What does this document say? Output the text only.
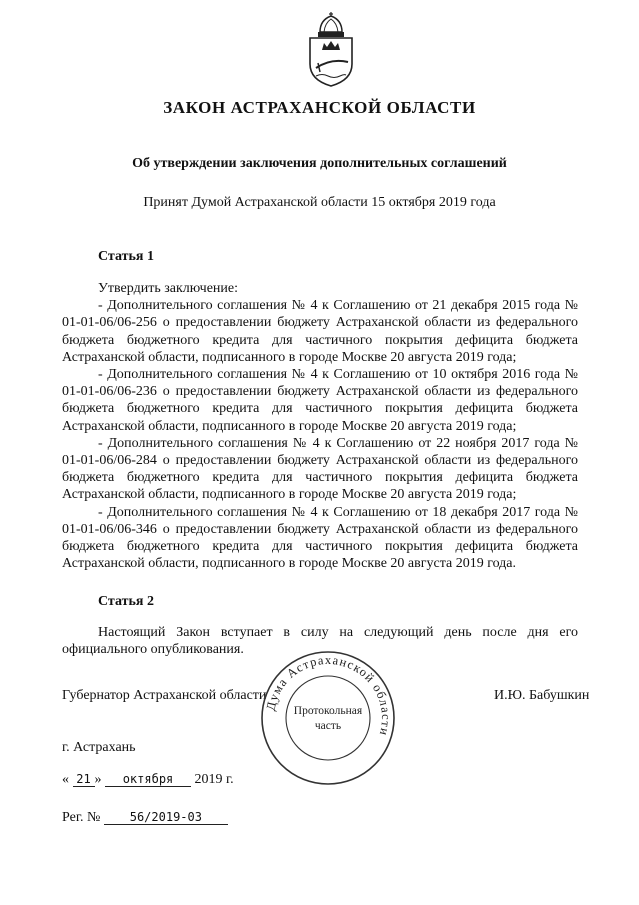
ЗАКОН АСТРАХАНСКОЙ ОБЛАСТИ
Об утверждении заключения дополнительных соглашений
Принят Думой Астраханской области 15 октября 2019 года
Статья 1
Утвердить заключение:
- Дополнительного соглашения № 4 к Соглашению от 21 декабря 2015 года № 01-01-06/06-256 о предоставлении бюджету Астраханской области из федерального бюджета бюджетного кредита для частичного покрытия дефицита бюджета Астраханской области, подписанного в городе Москве 20 августа 2019 года;
- Дополнительного соглашения № 4 к Соглашению от 10 октября 2016 года № 01-01-06/06-236 о предоставлении бюджету Астраханской области из федерального бюджета бюджетного кредита для частичного покрытия дефицита бюджета Астраханской области, подписанного в городе Москве 20 августа 2019 года;
- Дополнительного соглашения № 4 к Соглашению от 22 ноября 2017 года № 01-01-06/06-284 о предоставлении бюджету Астраханской области из федерального бюджета бюджетного кредита для частичного покрытия дефицита бюджета Астраханской области, подписанного в городе Москве 20 августа 2019 года;
- Дополнительного соглашения № 4 к Соглашению от 18 декабря 2017 года № 01-01-06/06-346 о предоставлении бюджету Астраханской области из федерального бюджета бюджетного кредита для частичного покрытия дефицита бюджета Астраханской области, подписанного в городе Москве 20 августа 2019 года.
Статья 2
Настоящий Закон вступает в силу на следующий день после дня его официального опубликования.
Губернатор Астраханской области	И.Ю. Бабушкин
г. Астрахань
« 21 » октября 2019 г.
Рег. № 56/2019-03
Дума Астраханской области
Протокольная
часть
